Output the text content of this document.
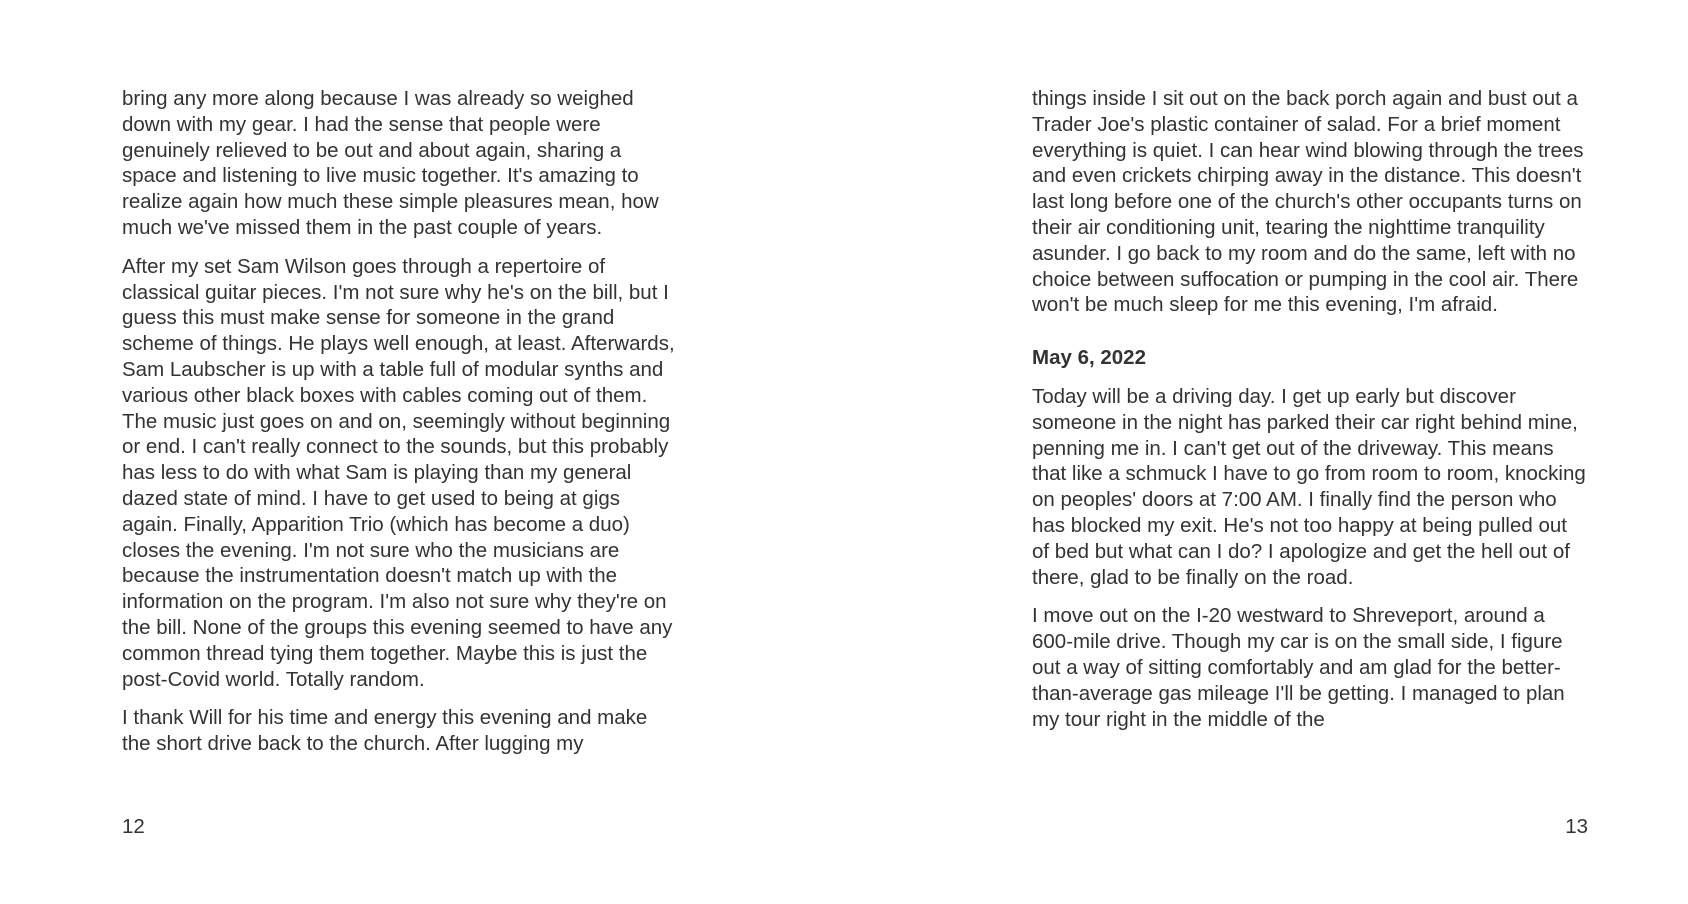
bring any more along because I was already so weighed down with my gear. I had the sense that people were genuinely relieved to be out and about again, sharing a space and listening to live music together. It's amazing to realize again how much these simple pleasures mean, how much we've missed them in the past couple of years.

After my set Sam Wilson goes through a repertoire of classical guitar pieces. I'm not sure why he's on the bill, but I guess this must make sense for someone in the grand scheme of things. He plays well enough, at least. Afterwards, Sam Laubscher is up with a table full of modular synths and various other black boxes with cables coming out of them. The music just goes on and on, seemingly without beginning or end. I can't really connect to the sounds, but this probably has less to do with what Sam is playing than my general dazed state of mind. I have to get used to being at gigs again. Finally, Apparition Trio (which has become a duo) closes the evening. I'm not sure who the musicians are because the instrumentation doesn't match up with the information on the program. I'm also not sure why they're on the bill. None of the groups this evening seemed to have any common thread tying them together. Maybe this is just the post-Covid world. Totally random.

I thank Will for his time and energy this evening and make the short drive back to the church. After lugging my

12

things inside I sit out on the back porch again and bust out a Trader Joe's plastic container of salad. For a brief moment everything is quiet. I can hear wind blowing through the trees and even crickets chirping away in the distance. This doesn't last long before one of the church's other occupants turns on their air conditioning unit, tearing the nighttime tranquility asunder. I go back to my room and do the same, left with no choice between suffocation or pumping in the cool air. There won't be much sleep for me this evening, I'm afraid.

May 6, 2022

Today will be a driving day. I get up early but discover someone in the night has parked their car right behind mine, penning me in. I can't get out of the driveway. This means that like a schmuck I have to go from room to room, knocking on peoples' doors at 7:00 AM. I finally find the person who has blocked my exit. He's not too happy at being pulled out of bed but what can I do? I apologize and get the hell out of there, glad to be finally on the road.

I move out on the I-20 westward to Shreveport, around a 600-mile drive. Though my car is on the small side, I figure out a way of sitting comfortably and am glad for the better-than-average gas mileage I'll be getting. I managed to plan my tour right in the middle of the

13
